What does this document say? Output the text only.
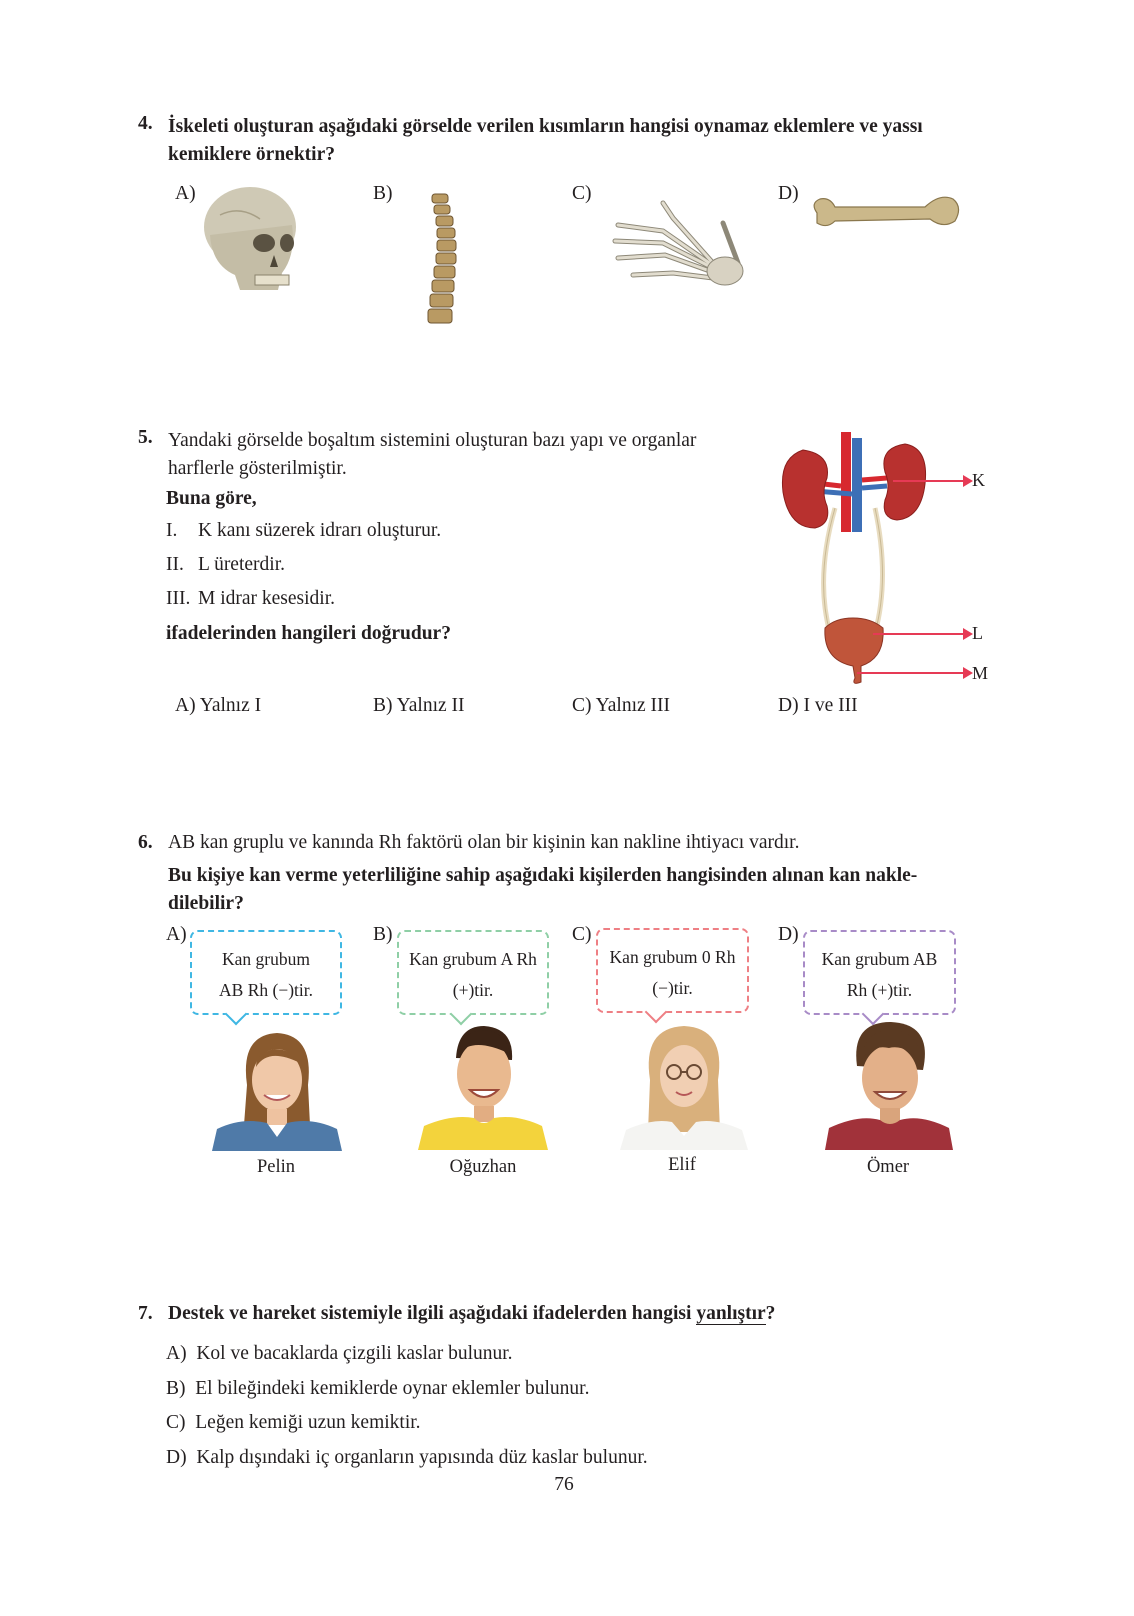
4. İskeleti oluşturan aşağıdaki görselde verilen kısımların hangisi oynamaz eklemlere ve yassı
kemiklere örnektir?
A)	B)	C)	D)
5. Yandaki görselde boşaltım sistemini oluşturan bazı yapı ve organlar
harflerle gösterilmiştir.
Buna göre,
I. K kanı süzerek idrarı oluşturur.
II. L üreterdir.
III. M idrar kesesidir.
ifadelerinden hangileri doğrudur?
A) Yalnız I	B) Yalnız II	C) Yalnız III	D) I ve III
K
L
M
6. AB kan gruplu ve kanında Rh faktörü olan bir kişinin kan nakline ihtiyacı vardır.
Bu kişiye kan verme yeterliliğine sahip aşağıdaki kişilerden hangisinden alınan kan nakle-
dilebilir?
A)	B)	C)	D)
Kan grubum
AB Rh (−)tir.
Kan grubum A Rh
(+)tir.
Kan grubum 0 Rh
(−)tir.
Kan grubum AB
Rh (+)tir.
Pelin	Oğuzhan	Elif	Ömer
7. Destek ve hareket sistemiyle ilgili aşağıdaki ifadelerden hangisi yanlıştır?
A)  Kol ve bacaklarda çizgili kaslar bulunur.
B)  El bileğindeki kemiklerde oynar eklemler bulunur.
C)  Leğen kemiği uzun kemiktir.
D)  Kalp dışındaki iç organların yapısında düz kaslar bulunur.
76
